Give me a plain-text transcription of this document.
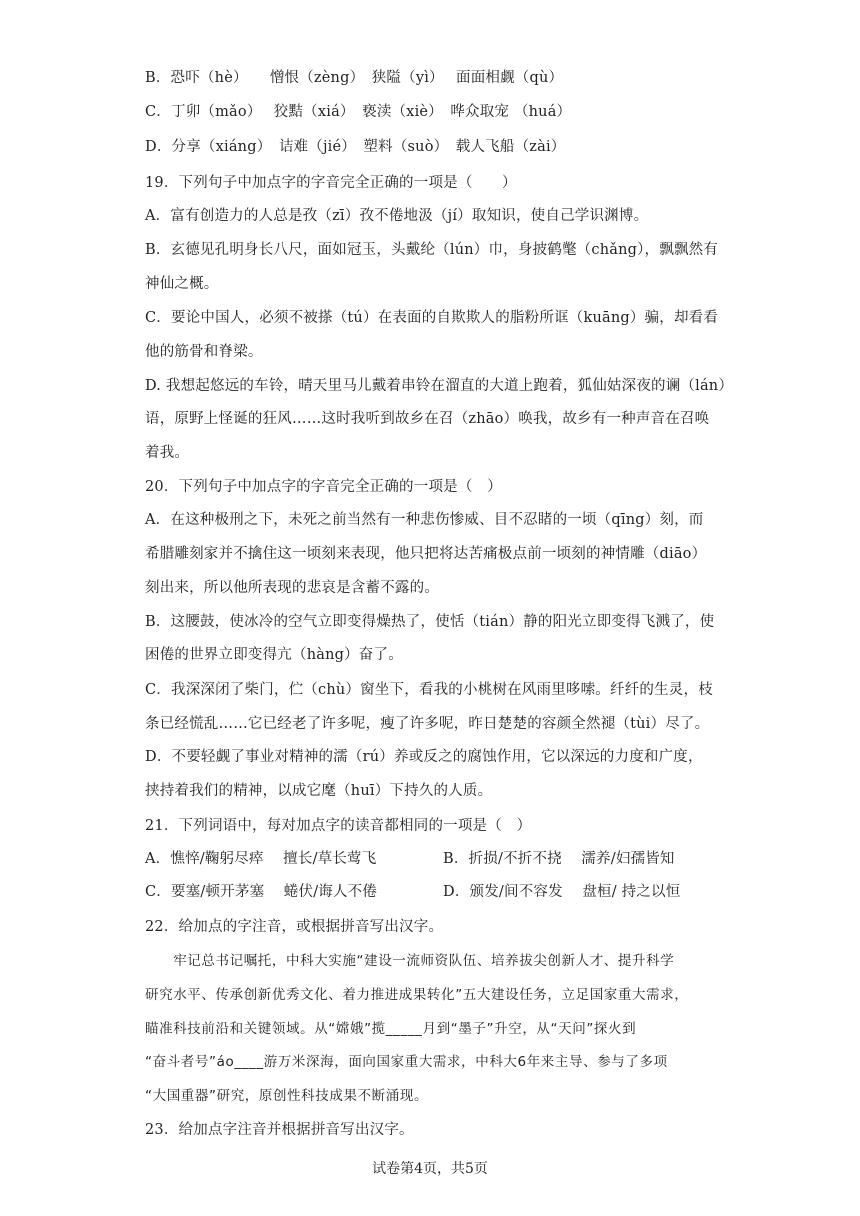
B．恐吓（hè）　　憎恨（zèng）　狭隘（yì）　 面面相觑（qù）

C．丁卯（mǎo）　 狡黠（xiá）　亵渎（xiè）　哗众取宠 （huá）

D．分享（xiáng）　诘难（jié）　塑料（suò）　载人飞船（zài）

19．下列句子中加点字的字音完全正确的一项是（　　）

A．富有创造力的人总是孜（zī）孜不倦地汲（jí）取知识，使自己学识渊博。

B．玄德见孔明身长八尺，面如冠玉，头戴纶（lún）巾，身披鹤氅（chǎng），飘飘然有

神仙之概。

C．要论中国人，必须不被搽（tú）在表面的自欺欺人的脂粉所诓（kuāng）骗，却看看

他的筋骨和脊梁。

D. 我想起悠远的车铃，晴天里马儿戴着串铃在溜直的大道上跑着，狐仙姑深夜的谰（lán）

语，原野上怪诞的狂风……这时我听到故乡在召（zhāo）唤我，故乡有一种声音在召唤

着我。

20．下列句子中加点字的字音完全正确的一项是（　）

A．在这种极刑之下，未死之前当然有一种悲伤惨威、目不忍睹的一顷（qīng）刻，而

希腊雕刻家并不擒住这一顷刻来表现，他只把将达苦痛极点前一顷刻的神情雕（diāo）

刻出来，所以他所表现的悲哀是含蓄不露的。

B．这腰鼓，使冰冷的空气立即变得燥热了，使恬（tián）静的阳光立即变得飞溅了，使

困倦的世界立即变得亢（hàng）奋了。

C．我深深闭了柴门，伫（chù）窗坐下，看我的小桃树在风雨里哆嗦。纤纤的生灵，枝

条已经慌乱……它已经老了许多呢，瘦了许多呢，昨日楚楚的容颜全然褪（tùi）尽了。

D．不要轻觑了事业对精神的濡（rú）养或反之的腐蚀作用，它以深远的力度和广度，

挟持着我们的精神，以成它麾（huī）下持久的人质。

21．下列词语中，每对加点字的读音都相同的一项是（　）

A．憔悴/鞠躬尽瘁　 擅长/草长莺飞	B．折损/不折不挠　 濡养/妇孺皆知

C．要塞/顿开茅塞　 蜷伏/诲人不倦	D．颁发/间不容发　 盘桓/ 持之以恒

22．给加点的字注音，或根据拼音写出汉字。

　　牢记总书记嘱托，中科大实施“建设一流师资队伍、培养拔尖创新人才、提升科学

研究水平、传承创新优秀文化、着力推进成果转化”五大建设任务，立足国家重大需求，

瞄准科技前沿和关键领域。从“嫦娥”揽_____月到“墨子”升空，从“天问”探火到

“奋斗者号”áo____游万米深海，面向国家重大需求，中科大6年来主导、参与了多项

“大国重器”研究，原创性科技成果不断涌现。

23．给加点字注音并根据拼音写出汉字。

试卷第4页，共5页
